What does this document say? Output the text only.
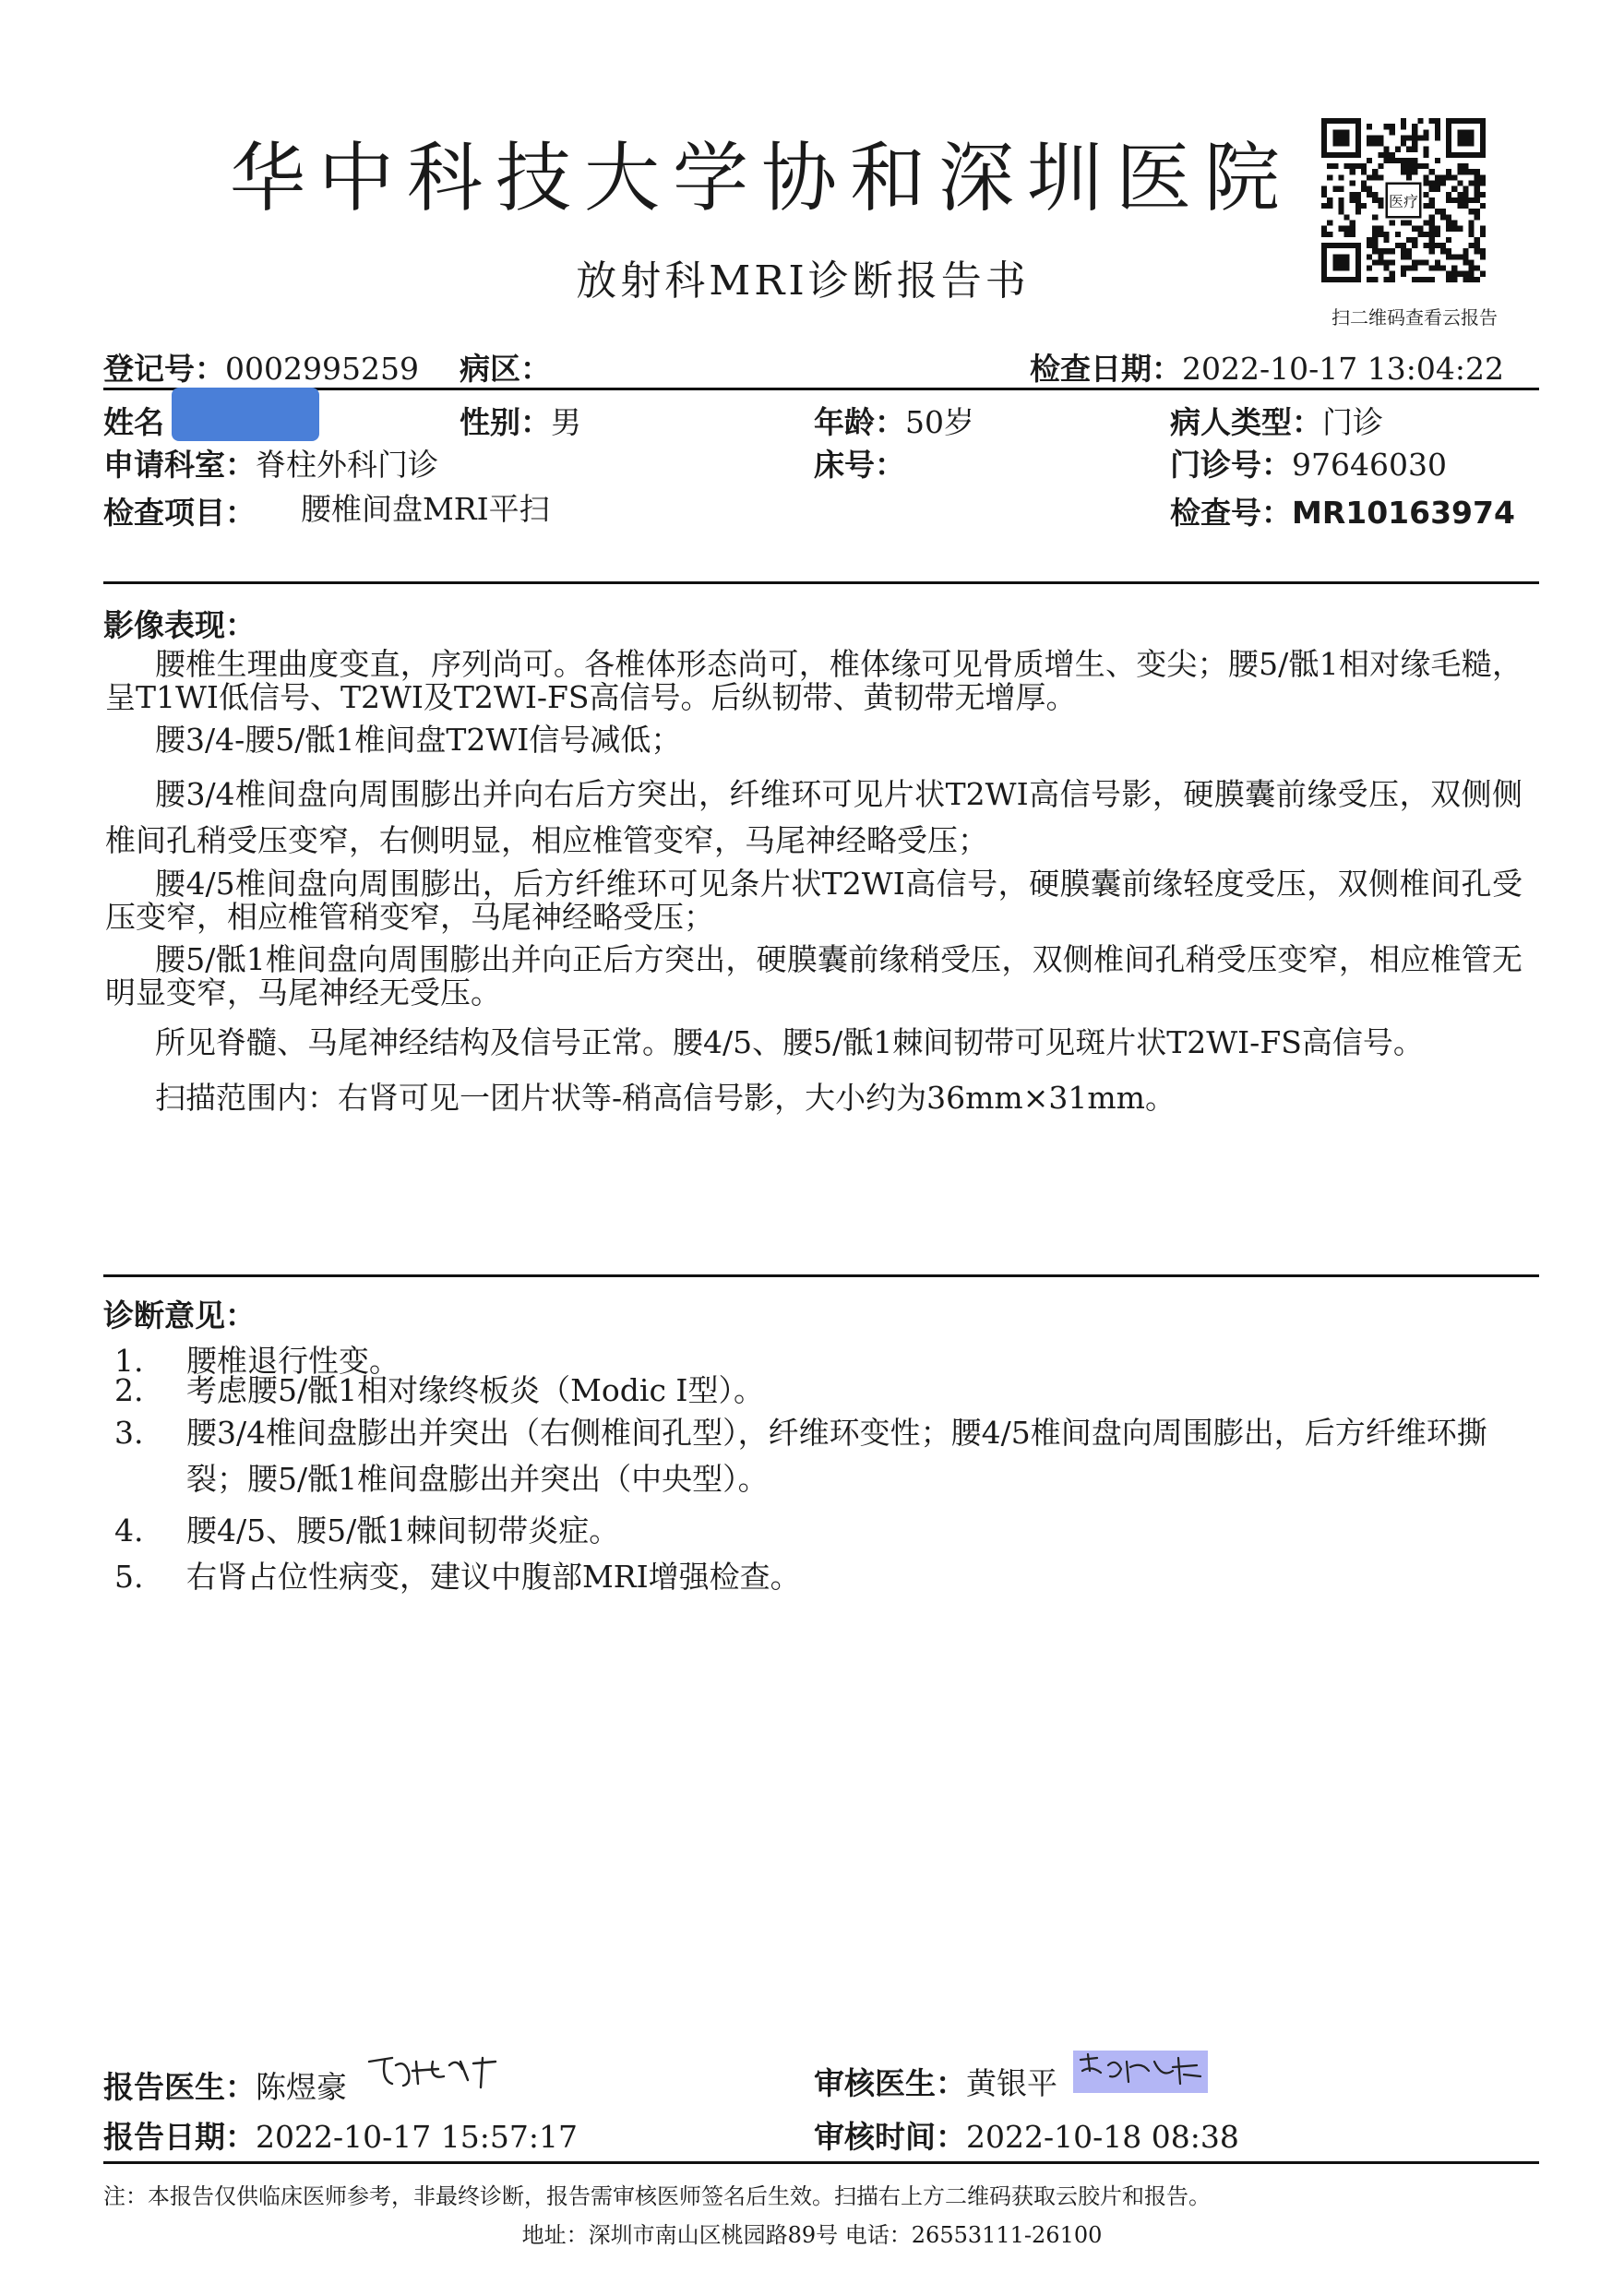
华中科技大学协和深圳医院
放射科MRI诊断报告书
医疗
扫二维码查看云报告
登记号：0002995259 病区：	检查日期：2022-10-17 13:04:22
姓名	性别：男	年龄：50岁	病人类型：门诊
申请科室：脊柱外科门诊	床号：	门诊号：97646030
检查项目： 腰椎间盘MRI平扫	检查号：MR10163974
影像表现：
腰椎生理曲度变直，序列尚可。各椎体形态尚可，椎体缘可见骨质增生、变尖；腰5/骶1相对缘毛糙，呈T1WI低信号、T2WI及T2WI-FS高信号。后纵韧带、黄韧带无增厚。
腰3/4-腰5/骶1椎间盘T2WI信号减低；
腰3/4椎间盘向周围膨出并向右后方突出，纤维环可见片状T2WI高信号影，硬膜囊前缘受压，双侧侧椎间孔稍受压变窄，右侧明显，相应椎管变窄，马尾神经略受压；
腰4/5椎间盘向周围膨出，后方纤维环可见条片状T2WI高信号，硬膜囊前缘轻度受压，双侧椎间孔受压变窄，相应椎管稍变窄，马尾神经略受压；
腰5/骶1椎间盘向周围膨出并向正后方突出，硬膜囊前缘稍受压，双侧椎间孔稍受压变窄，相应椎管无明显变窄，马尾神经无受压。
所见脊髓、马尾神经结构及信号正常。腰4/5、腰5/骶1棘间韧带可见斑片状T2WI-FS高信号。
扫描范围内：右肾可见一团片状等-稍高信号影，大小约为36mm×31mm。
诊断意见：
1.	腰椎退行性变。
2.	考虑腰5/骶1相对缘终板炎（Modic Ⅰ型）。
3.	腰3/4椎间盘膨出并突出（右侧椎间孔型），纤维环变性；腰4/5椎间盘向周围膨出，后方纤维环撕裂；腰5/骶1椎间盘膨出并突出（中央型）。
4.	腰4/5、腰5/骶1棘间韧带炎症。
5.	右肾占位性病变，建议中腹部MRI增强检查。
报告医生：陈煜豪	审核医生：黄银平
报告日期：2022-10-17 15:57:17	审核时间：2022-10-18 08:38
注：本报告仅供临床医师参考，非最终诊断，报告需审核医师签名后生效。扫描右上方二维码获取云胶片和报告。
地址：深圳市南山区桃园路89号 电话：26553111-26100
